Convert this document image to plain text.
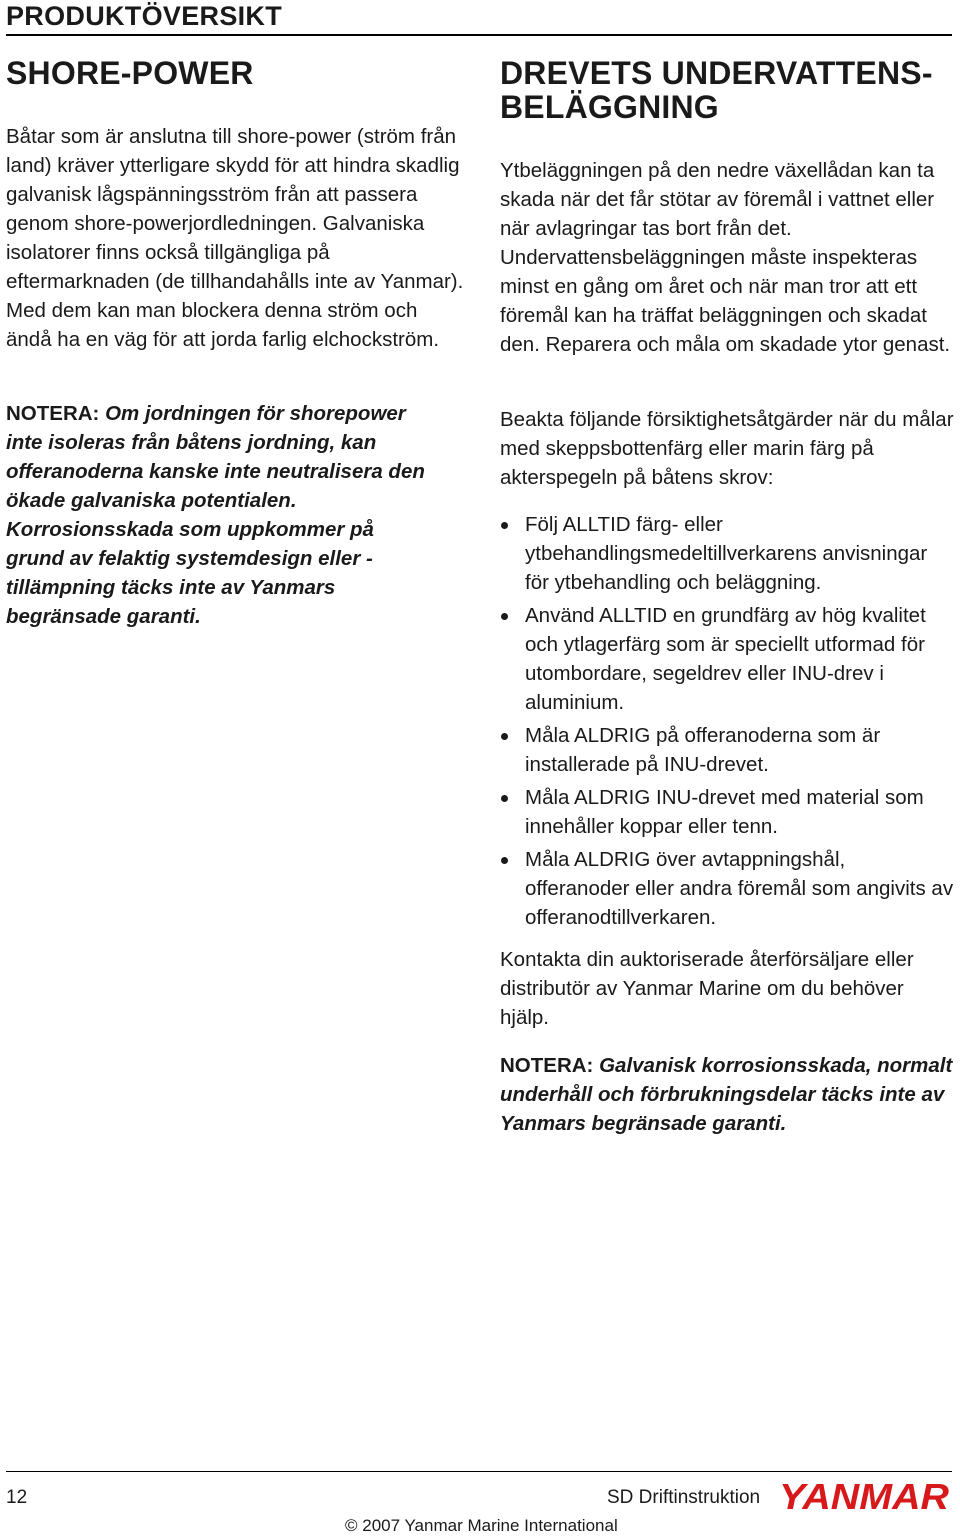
PRODUKTÖVERSIKT
SHORE-POWER

Båtar som är anslutna till shore-power (ström från land) kräver ytterligare skydd för att hindra skadlig galvanisk lågspänningsström från att passera genom shore-powerjordledningen. Galvaniska isolatorer finns också tillgängliga på eftermarknaden (de tillhandahålls inte av Yanmar). Med dem kan man blockera denna ström och ändå ha en väg för att jorda farlig elchockström.

NOTERA: Om jordningen för shorepower inte isoleras från båtens jordning, kan offeranoderna kanske inte neutralisera den ökade galvaniska potentialen. Korrosionsskada som uppkommer på grund av felaktig systemdesign eller -tillämpning täcks inte av Yanmars begränsade garanti.
DREVETS UNDERVATTENS-
BELÄGGNING

Ytbeläggningen på den nedre växellådan kan ta skada när det får stötar av föremål i vattnet eller när avlagringar tas bort från det. Undervattensbeläggningen måste inspekteras minst en gång om året och när man tror att ett föremål kan ha träffat beläggningen och skadat den. Reparera och måla om skadade ytor genast.

Beakta följande försiktighetsåtgärder när du målar med skeppsbottenfärg eller marin färg på akterspegeln på båtens skrov:

Följ ALLTID färg- eller ytbehandlingsmedeltillverkarens anvisningar för ytbehandling och beläggning.
Använd ALLTID en grundfärg av hög kvalitet och ytlagerfärg som är speciellt utformad för utombordare, segeldrev eller INU-drev i aluminium.
Måla ALDRIG på offeranoderna som är installerade på INU-drevet.
Måla ALDRIG INU-drevet med material som innehåller koppar eller tenn.
Måla ALDRIG över avtappningshål, offeranoder eller andra föremål som angivits av offeranodtillverkaren.

Kontakta din auktoriserade återförsäljare eller distributör av Yanmar Marine om du behöver hjälp.

NOTERA: Galvanisk korrosionsskada, normalt underhåll och förbrukningsdelar täcks inte av Yanmars begränsade garanti.
12	SD Driftinstruktion
© 2007 Yanmar Marine International
YANMAR
